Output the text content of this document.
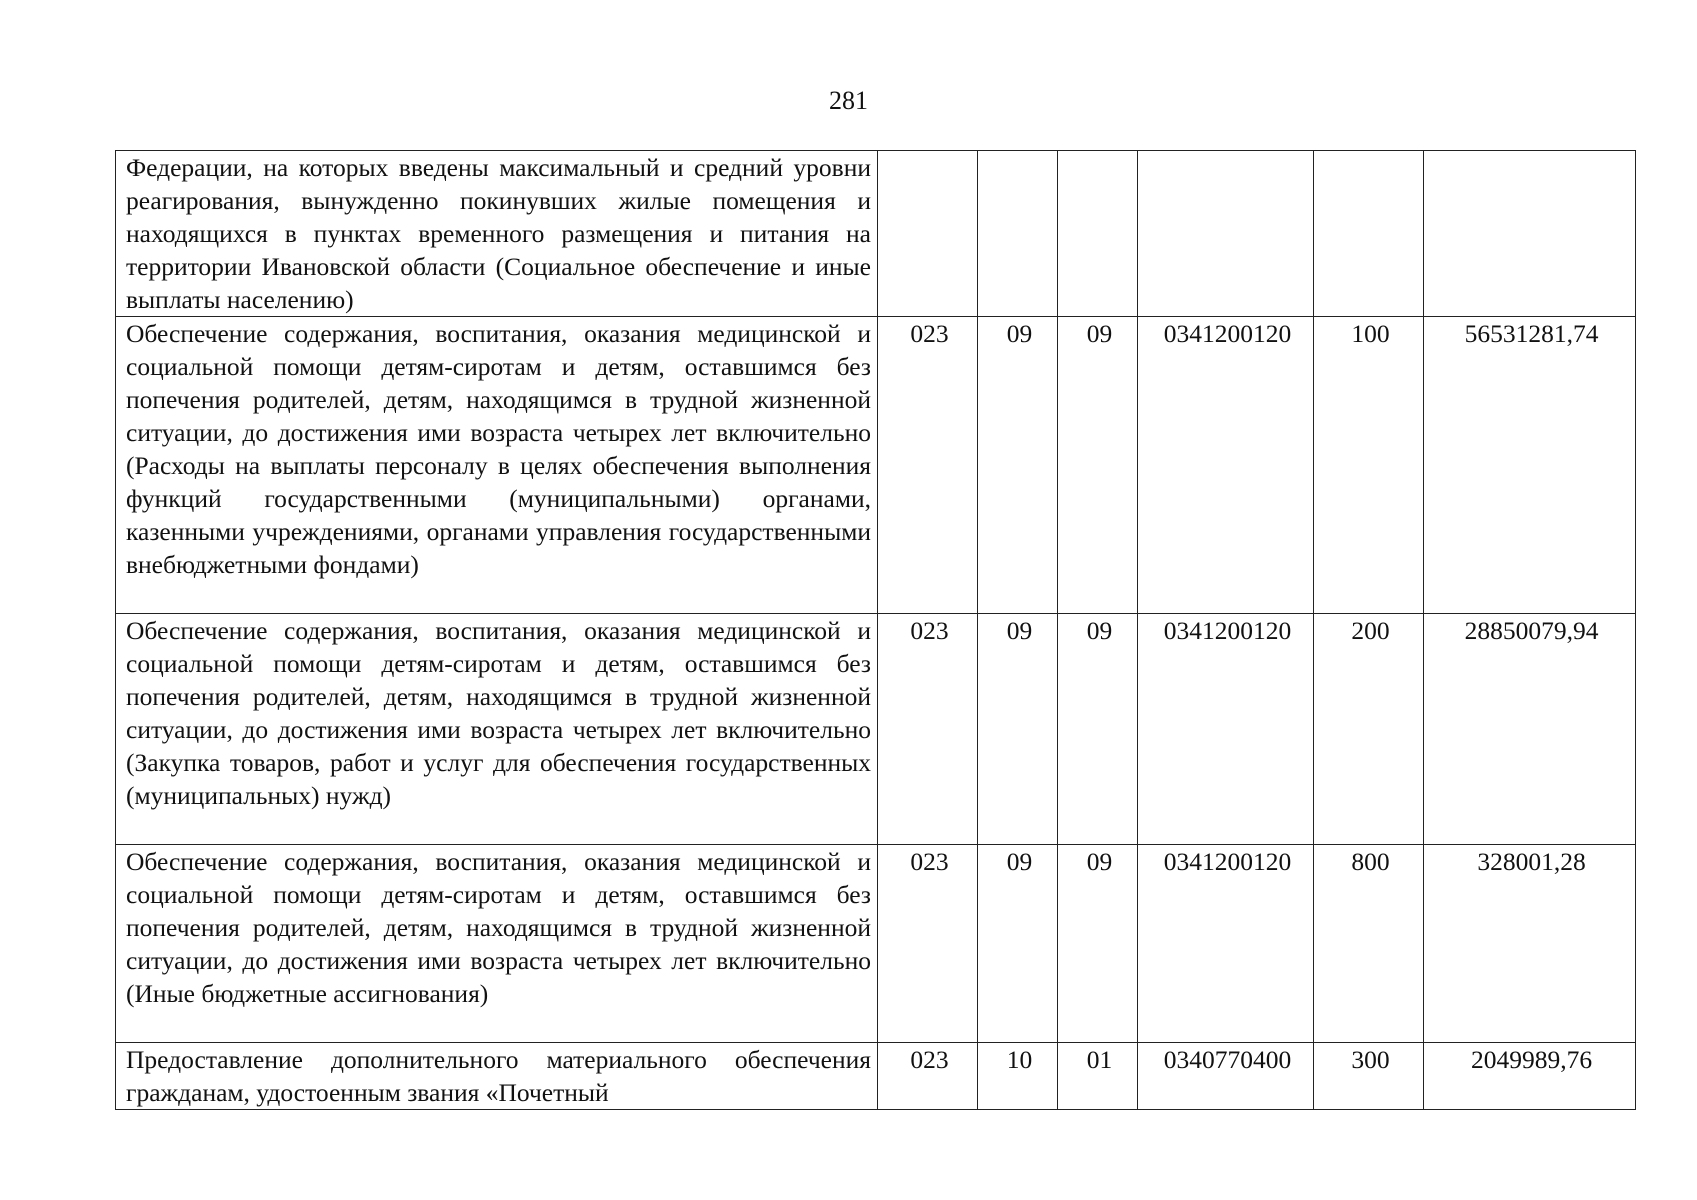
281
Федерации, на которых введены максимальный и средний уровни реагирования, вынужденно покинувших жилые помещения и находящихся в пунктах временного размещения и питания на территории Ивановской области (Социальное обеспечение и иные выплаты населению)						
Обеспечение содержания, воспитания, оказания медицинской и социальной помощи детям-сиротам и детям, оставшимся без попечения родителей, детям, находящимся в трудной жизненной ситуации, до достижения ими возраста четырех лет включительно (Расходы на выплаты персоналу в целях обеспечения выполнения функций государственными (муниципальными) органами, казенными учреждениями, органами управления государственными внебюджетными фондами)	023	09	09	0341200120	100	56531281,74
Обеспечение содержания, воспитания, оказания медицинской и социальной помощи детям-сиротам и детям, оставшимся без попечения родителей, детям, находящимся в трудной жизненной ситуации, до достижения ими возраста четырех лет включительно (Закупка товаров, работ и услуг для обеспечения государственных (муниципальных) нужд)	023	09	09	0341200120	200	28850079,94
Обеспечение содержания, воспитания, оказания медицинской и социальной помощи детям-сиротам и детям, оставшимся без попечения родителей, детям, находящимся в трудной жизненной ситуации, до достижения ими возраста четырех лет включительно (Иные бюджетные ассигнования)	023	09	09	0341200120	800	328001,28
Предоставление дополнительного материального обеспечения гражданам, удостоенным звания «Почетный	023	10	01	0340770400	300	2049989,76
